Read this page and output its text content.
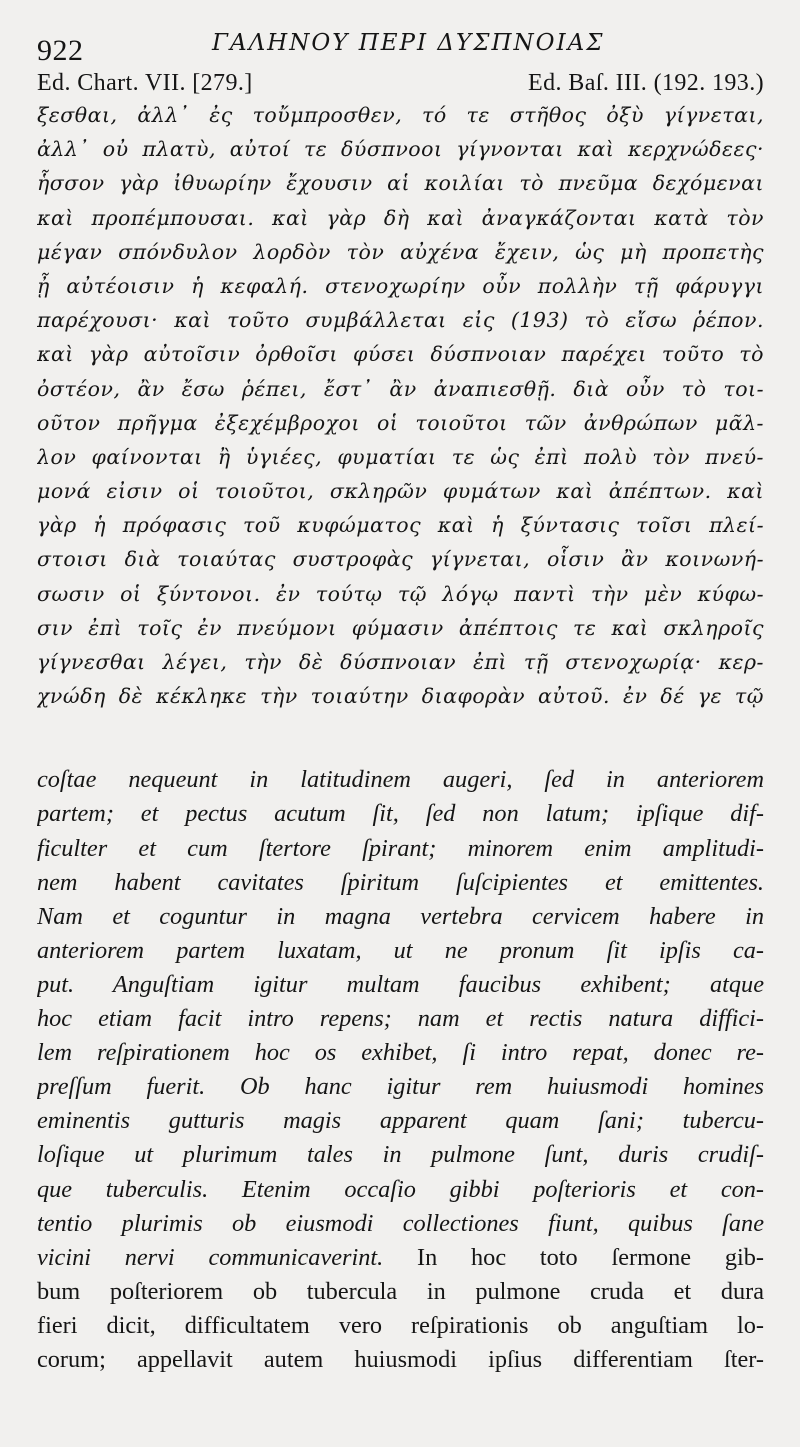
922	ΓΑΛΗΝΟΥ ΠΕΡΙ ΔΥΣΠΝΟΙΑΣ
Ed. Chart. VII. [279.]	Ed. Baſ. III. (192. 193.)
ξεσθαι, ἀλλ᾽ ἐς τοὔμπροσθεν, τό τε στῆθος ὀξὺ γίγνεται,
ἀλλ᾽ οὐ πλατὺ, αὐτοί τε δύσπνοοι γίγνονται καὶ κερχνώδεες·
ἧσσον γὰρ ἰθυωρίην ἔχουσιν αἱ κοιλίαι τὸ πνεῦμα δεχόμεναι
καὶ προπέμπουσαι. καὶ γὰρ δὴ καὶ ἀναγκάζονται κατὰ τὸν
μέγαν σπόνδυλον λορδὸν τὸν αὐχένα ἔχειν, ὡς μὴ προπετὴς
ᾖ αὐτέοισιν ἡ κεφαλή. στενοχωρίην οὖν πολλὴν τῇ φάρυγγι
παρέχουσι· καὶ τοῦτο συμβάλλεται εἰς (193) τὸ εἴσω ῥέπον.
καὶ γὰρ αὐτοῖσιν ὀρθοῖσι φύσει δύσπνοιαν παρέχει τοῦτο τὸ
ὀστέον, ἂν ἔσω ῥέπει, ἔστ᾽ ἂν ἀναπιεσθῇ. διὰ οὖν τὸ τοι-
οῦτον πρῆγμα ἐξεχέμβροχοι οἱ τοιοῦτοι τῶν ἀνθρώπων μᾶλ-
λον φαίνονται ἢ ὑγιέες, φυματίαι τε ὡς ἐπὶ πολὺ τὸν πνεύ-
μονά εἰσιν οἱ τοιοῦτοι, σκληρῶν φυμάτων καὶ ἀπέπτων. καὶ
γὰρ ἡ πρόφασις τοῦ κυφώματος καὶ ἡ ξύντασις τοῖσι πλεί-
στοισι διὰ τοιαύτας συστροφὰς γίγνεται, οἷσιν ἂν κοινωνή-
σωσιν οἱ ξύντονοι. ἐν τούτῳ τῷ λόγῳ παντὶ τὴν μὲν κύφω-
σιν ἐπὶ τοῖς ἐν πνεύμονι φύμασιν ἀπέπτοις τε καὶ σκληροῖς
γίγνεσθαι λέγει, τὴν δὲ δύσπνοιαν ἐπὶ τῇ στενοχωρίᾳ· κερ-
χνώδη δὲ κέκληκε τὴν τοιαύτην διαφορὰν αὐτοῦ. ἐν δέ γε τῷ
coſtae nequeunt in latitudinem augeri, ſed in anteriorem
partem; et pectus acutum ſit, ſed non latum; ipſique dif-
ficulter et cum ſtertore ſpirant; minorem enim amplitudi-
nem habent cavitates ſpiritum ſuſcipientes et emittentes.
Nam et coguntur in magna vertebra cervicem habere in
anteriorem partem luxatam, ut ne pronum ſit ipſis ca-
put. Anguſtiam igitur multam faucibus exhibent; atque
hoc etiam facit intro repens; nam et rectis natura diffici-
lem reſpirationem hoc os exhibet, ſi intro repat, donec re-
preſſum fuerit. Ob hanc igitur rem huiusmodi homines
eminentis gutturis magis apparent quam ſani; tubercu-
loſique ut plurimum tales in pulmone ſunt, duris crudiſ-
que tuberculis. Etenim occaſio gibbi poſterioris et con-
tentio plurimis ob eiusmodi collectiones fiunt, quibus ſane
vicini nervi communicaverint. In hoc toto ſermone gib-
bum poſteriorem ob tubercula in pulmone cruda et dura
fieri dicit, difficultatem vero reſpirationis ob anguſtiam lo-
corum; appellavit autem huiusmodi ipſius differentiam ſter-
